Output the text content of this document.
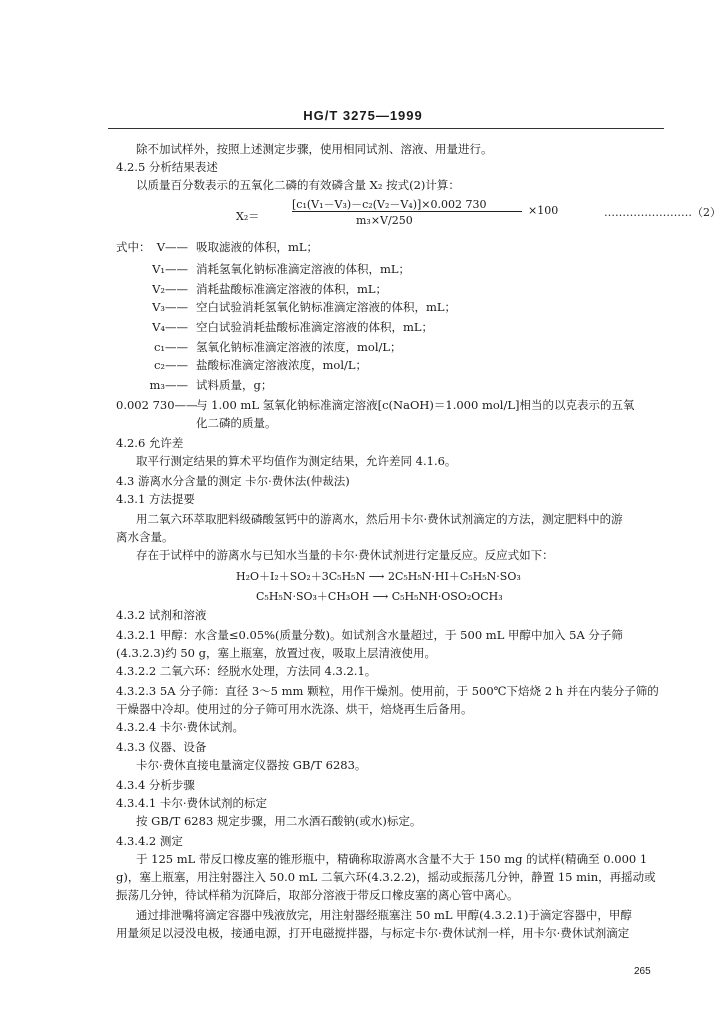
HG/T 3275—1999
除不加试样外，按照上述测定步骤，使用相同试剂、溶液、用量进行。
4.2.5 分析结果表述
以质量百分数表示的五氧化二磷的有效磷含量 X₂ 按式(2)计算：
X₂＝
[c₁(V₁－V₃)－c₂(V₂－V₄)]×0.002 730
m₃×V/250
×100	……………………（2）
式中： V—— 吸取滤液的体积，mL；
V₁—— 消耗氢氧化钠标准滴定溶液的体积，mL；
V₂—— 消耗盐酸标准滴定溶液的体积，mL；
V₃—— 空白试验消耗氢氧化钠标准滴定溶液的体积，mL；
V₄—— 空白试验消耗盐酸标准滴定溶液的体积，mL；
c₁—— 氢氧化钠标准滴定溶液的浓度，mol/L；
c₂—— 盐酸标准滴定溶液浓度，mol/L；
m₃—— 试料质量，g；
0.002 730——
与 1.00 mL 氢氧化钠标准滴定溶液[c(NaOH)＝1.000 mol/L]相当的以克表示的五氧
化二磷的质量。
4.2.6 允许差
取平行测定结果的算术平均值作为测定结果，允许差同 4.1.6。
4.3 游离水分含量的测定 卡尔·费休法(仲裁法)
4.3.1 方法提要
用二氧六环萃取肥料级磷酸氢钙中的游离水，然后用卡尔·费休试剂滴定的方法，测定肥料中的游
离水含量。
存在于试样中的游离水与已知水当量的卡尔·费休试剂进行定量反应。反应式如下：
H₂O＋I₂＋SO₂＋3C₅H₅N ⟶ 2C₅H₅N·HI＋C₅H₅N·SO₃
C₅H₅N·SO₃＋CH₃OH ⟶ C₅H₅NH·OSO₂OCH₃
4.3.2 试剂和溶液
4.3.2.1 甲醇：水含量≤0.05%(质量分数)。如试剂含水量超过，于 500 mL 甲醇中加入 5A 分子筛
(4.3.2.3)约 50 g，塞上瓶塞，放置过夜，吸取上层清液使用。
4.3.2.2 二氧六环：经脱水处理，方法同 4.3.2.1。
4.3.2.3 5A 分子筛：直径 3～5 mm 颗粒，用作干燥剂。使用前，于 500℃下焙烧 2 h 并在内装分子筛的
干燥器中冷却。使用过的分子筛可用水洗涤、烘干，焙烧再生后备用。
4.3.2.4 卡尔·费休试剂。
4.3.3 仪器、设备
卡尔·费休直接电量滴定仪器按 GB/T 6283。
4.3.4 分析步骤
4.3.4.1 卡尔·费休试剂的标定
按 GB/T 6283 规定步骤，用二水酒石酸钠(或水)标定。
4.3.4.2 测定
于 125 mL 带反口橡皮塞的锥形瓶中，精确称取游离水含量不大于 150 mg 的试样(精确至 0.000 1
g)，塞上瓶塞，用注射器注入 50.0 mL 二氧六环(4.3.2.2)，摇动或振荡几分钟，静置 15 min，再摇动或
振荡几分钟，待试样稍为沉降后，取部分溶液于带反口橡皮塞的离心管中离心。
通过排泄嘴将滴定容器中残液放完，用注射器经瓶塞注 50 mL 甲醇(4.3.2.1)于滴定容器中，甲醇
用量须足以浸没电极，接通电源，打开电磁搅拌器，与标定卡尔·费休试剂一样，用卡尔·费休试剂滴定
265
